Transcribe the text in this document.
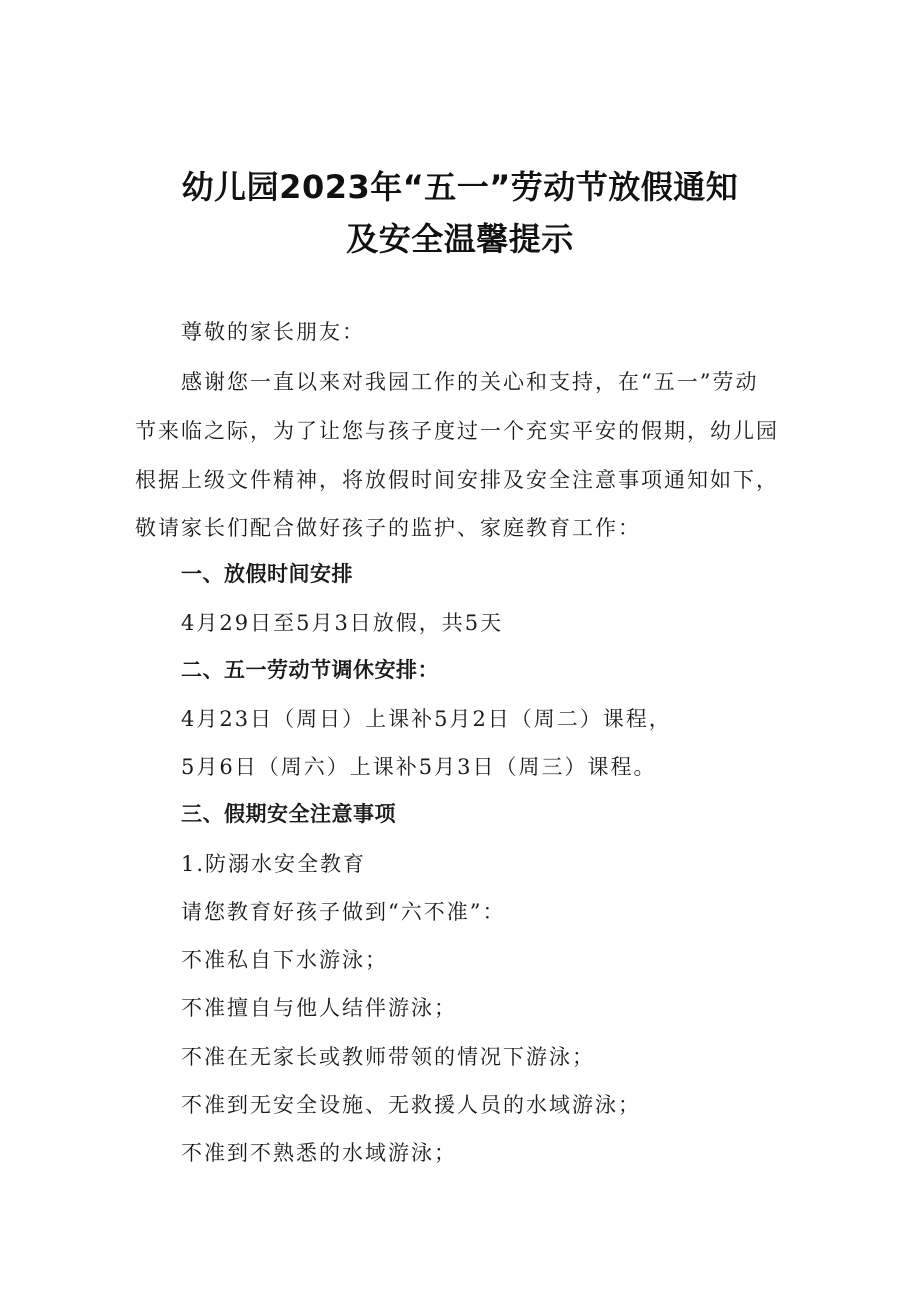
幼儿园2023年“五一”劳动节放假通知
及安全温馨提示
尊敬的家长朋友：
感谢您一直以来对我园工作的关心和支持，在“五一”劳动
节来临之际，为了让您与孩子度过一个充实平安的假期，幼儿园
根据上级文件精神，将放假时间安排及安全注意事项通知如下，
敬请家长们配合做好孩子的监护、家庭教育工作：
一、放假时间安排
4月29日至5月3日放假，共5天
二、五一劳动节调休安排：
4月23日（周日）上课补5月2日（周二）课程，
5月6日（周六）上课补5月3日（周三）课程。
三、假期安全注意事项
1.防溺水安全教育
请您教育好孩子做到“六不准”：
不准私自下水游泳；
不准擅自与他人结伴游泳；
不准在无家长或教师带领的情况下游泳；
不准到无安全设施、无救援人员的水域游泳；
不准到不熟悉的水域游泳；
